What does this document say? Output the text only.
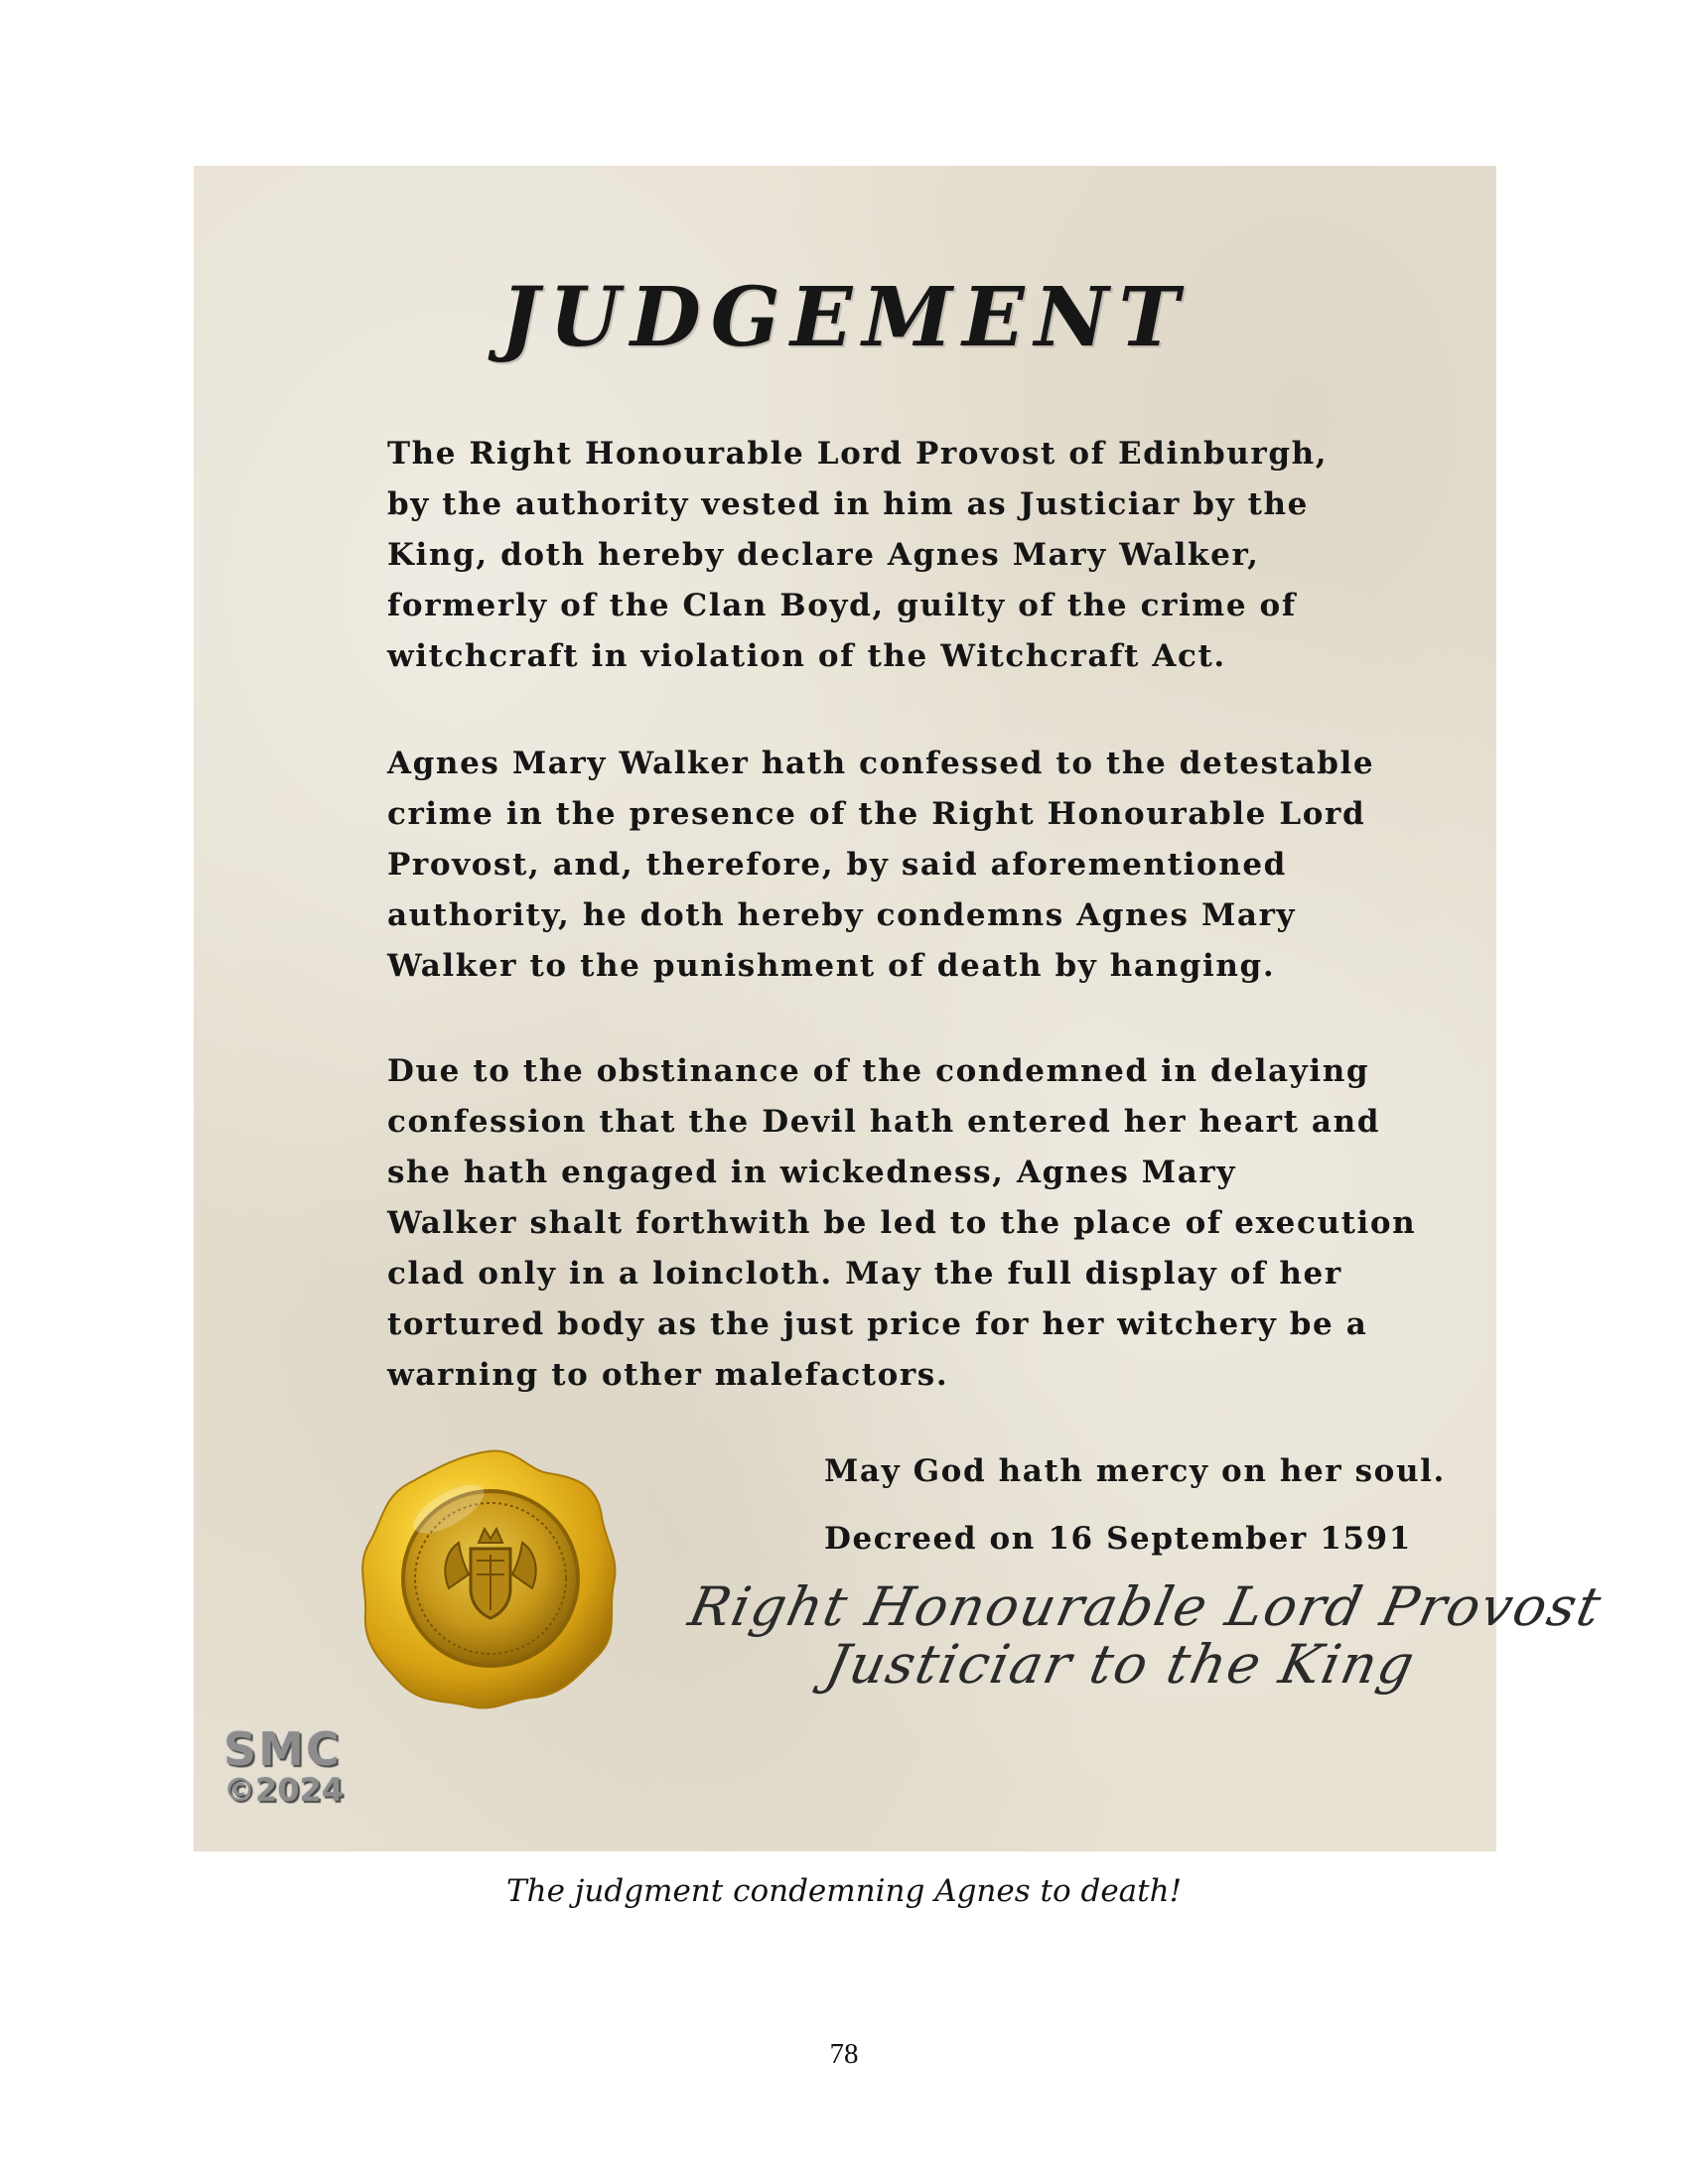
JUDGEMENT

The Right Honourable Lord Provost of Edinburgh,
by the authority vested in him as Justiciar by the
King, doth hereby declare Agnes Mary Walker,
formerly of the Clan Boyd, guilty of the crime of
witchcraft in violation of the Witchcraft Act.

Agnes Mary Walker hath confessed to the detestable
crime in the presence of the Right Honourable Lord
Provost, and, therefore, by said aforementioned
authority, he doth hereby condemns Agnes Mary
Walker to the punishment of death by hanging.

Due to the obstinance of the condemned in delaying
confession that the Devil hath entered her heart and
she hath engaged in wickedness, Agnes Mary
Walker shalt forthwith be led to the place of execution
clad only in a loincloth. May the full display of her
tortured body as the just price for her witchery be a
warning to other malefactors.

May God hath mercy on her soul.
Decreed on 16 September 1591
Right Honourable Lord Provost
Justiciar to the King
SMC
©2024
The judgment condemning Agnes to death!
78
